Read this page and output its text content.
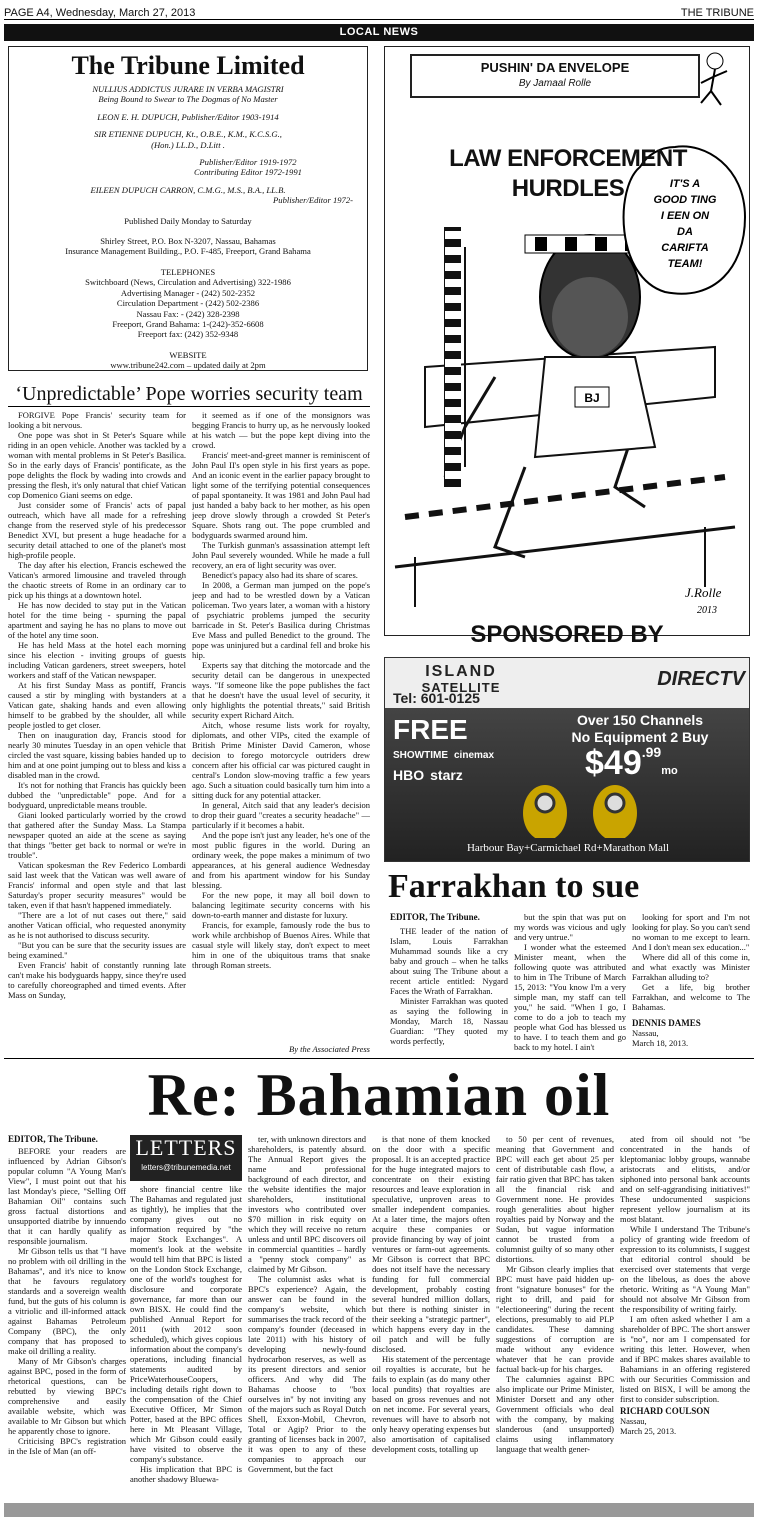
PAGE A4, Wednesday, March 27, 2013	THE TRIBUNE
LOCAL NEWS
The Tribune Limited
NULLIUS ADDICTUS JURARE IN VERBA MAGISTRI
Being Bound to Swear to The Dogmas of No Master
LEON E. H. DUPUCH, Publisher/Editor 1903-1914
SIR ETIENNE DUPUCH, Kt., O.B.E., K.M., K.C.S.G.,
(Hon.) LL.D., D.Litt .
Publisher/Editor 1919-1972
Contributing Editor 1972-1991
EILEEN DUPUCH CARRON, C.M.G., M.S., B.A., LL.B.
Publisher/Editor 1972-
Published Daily Monday to Saturday
Shirley Street, P.O. Box N-3207, Nassau, Bahamas
Insurance Management Building., P.O. F-485, Freeport, Grand Bahama
TELEPHONES
Switchboard (News, Circulation and Advertising) 322-1986
Advertising Manager - (242) 502-2352
Circulation Department - (242) 502-2386
Nassau Fax: - (242) 328-2398
Freeport, Grand Bahama: 1-(242)-352-6608
Freeport fax: (242) 352-9348
WEBSITE
www.tribune242.com – updated daily at 2pm
‘Unpredictable’ Pope worries security team

FORGIVE Pope Francis' security team for looking a bit nervous.

One pope was shot in St Peter's Square while riding in an open vehicle. Another was tackled by a woman with mental problems in St Peter's Basilica. So in the early days of Francis' pontificate, as the pope delights the flock by wading into crowds and pressing the flesh, it's only natural that chief Vatican cop Domenico Giani seems on edge.

Just consider some of Francis' acts of papal outreach, which have all made for a refreshing change from the reserved style of his predecessor Benedict XVI, but present a huge headache for a security detail attached to one of the planet's most high-profile people.

The day after his election, Francis eschewed the Vatican's armored limousine and traveled through the chaotic streets of Rome in an ordinary car to pick up his things at a downtown hotel.

He has now decided to stay put in the Vatican hotel for the time being - spurning the papal apartment and saying he has no plans to move out of the hotel any time soon.

He has held Mass at the hotel each morning since his election - inviting groups of guests including Vatican gardeners, street sweepers, hotel workers and staff of the Vatican newspaper.

At his first Sunday Mass as pontiff, Francis caused a stir by mingling with bystanders at a Vatican gate, shaking hands and even allowing himself to be grabbed by the shoulder, all while people jostled to get closer.

Then on inauguration day, Francis stood for nearly 30 minutes Tuesday in an open vehicle that circled the vast square, kissing babies handed up to him and at one point jumping out to bless and kiss a disabled man in the crowd.

It's not for nothing that Francis has quickly been dubbed the "unpredictable" pope. And for a bodyguard, unpredictable means trouble.

Giani looked particularly worried by the crowd that gathered after the Sunday Mass. La Stampa newspaper quoted an aide at the scene as saying that things "better get back to normal or we're in trouble".

Vatican spokesman the Rev Federico Lombardi said last week that the Vatican was well aware of Francis' informal and open style and that last Saturday's proper security measures" would be taken, even if that hasn't happened immediately.

"There are a lot of nut cases out there," said another Vatican official, who requested anonymity as he is not authorised to discuss security.

"But you can be sure that the security issues are being examined."

Even Francis' habit of constantly running late can't make his bodyguards happy, since they're used to carefully choreographed and timed events. After Mass on Sunday,

it seemed as if one of the monsignors was begging Francis to hurry up, as he nervously looked at his watch — but the pope kept diving into the crowd.

Francis' meet-and-greet manner is reminiscent of John Paul II's open style in his first years as pope. And an iconic event in the earlier papacy brought to light some of the terrifying potential consequences of papal spontaneity. It was 1981 and John Paul had just handed a baby back to her mother, as his open jeep drove slowly through a crowded St Peter's Square. Shots rang out. The pope crumbled and bodyguards swarmed around him.

The Turkish gunman's assassination attempt left John Paul severely wounded. While he made a full recovery, an era of light security was over.

Benedict's papacy also had its share of scares.

In 2008, a German man jumped on the pope's jeep and had to be wrestled down by a Vatican policeman. Two years later, a woman with a history of psychiatric problems jumped the security barricade in St. Peter's Basilica during Christmas Eve Mass and pulled Benedict to the ground. The pope was uninjured but a cardinal fell and broke his hip.

Experts say that ditching the motorcade and the security detail can be dangerous in unexpected ways. "If someone like the pope publishes the fact that he doesn't have the usual level of security, it only highlights the potential threats," said British security expert Richard Aitch.

Aitch, whose resume lists work for royalty, diplomats, and other VIPs, cited the example of British Prime Minister David Cameron, whose decision to forego motorcycle outriders drew concern after his official car was pictured caught in central's London slow-moving traffic a few years ago. Such a situation could basically turn him into a sitting duck for any potential attacker.

In general, Aitch said that any leader's decision to drop their guard "creates a security headache" — particularly if it becomes a habit.

And the pope isn't just any leader, he's one of the most public figures in the world. During an ordinary week, the pope makes a minimum of two appearances, at his general audience Wednesday and from his apartment window for his Sunday blessing.

For the new pope, it may all boil down to balancing legitimate security concerns with his down-to-earth manner and distaste for luxury.

Francis, for example, famously rode the bus to work while archbishop of Buenos Aires. While that casual style will likely stay, don't expect to meet him in one of the ubiquitous trams that snake through Roman streets.

By the Associated Press
BJ
IT'S A
GOOD TING
I EEN ON
DA
CARIFTA
TEAM!
J.Rolle
2013
PUSHIN' DA ENVELOPE
By Jamaal Rolle
LAW ENFORCEMENT HURDLES
SPONSORED BY
ISLAND
SATELLITE	DIRECTV
Tel: 601-0125
FREE
SHOWTIME cinemax
HBO starz
Over 150 Channels
No Equipment 2 Buy
$49.99mo
Harbour Bay+Carmichael Rd+Marathon Mall
Farrakhan to sue
EDITOR, The Tribune.

THE leader of the nation of Islam, Louis Farrakhan Muhammad sounds like a cry baby and grouch – when he talks about suing The Tribune about a recent article entitled: Nygard Faces the Wrath of Farrakhan.

Minister Farrakhan was quoted as saying the following in Monday, March 18, Nassau Guardian: "They quoted my words perfectly,

but the spin that was put on my words was vicious and ugly and very untrue."

I wonder what the esteemed Minister meant, when the following quote was attributed to him in The Tribune of March 15, 2013: "You know I'm a very simple man, my staff can tell you," he said. "When I go, I come to do a job to teach my people what God has blessed us to have. I to teach them and go back to my hotel. I ain't

looking for sport and I'm not looking for play. So you can't send no woman to me except to learn. And I don't mean sex education..."

Where did all of this come in, and what exactly was Minister Farrakhan alluding to?

Get a life, big brother Farrakhan, and welcome to The Bahamas.

DENNIS DAMES
Nassau,
March 18, 2013.
Re: Bahamian oil
LETTERS
letters@tribunemedia.net
EDITOR, The Tribune.

BEFORE your readers are influenced by Adrian Gibson's popular column "A Young Man's View", I must point out that his last Monday's piece, "Selling Off Bahamian Oil" contains such gross factual distortions and unsupported diatribe by innuendo that it can hardly qualify as responsible journalism.

Mr Gibson tells us that "I have no problem with oil drilling in the Bahamas", and it's nice to know that he favours regulatory standards and a sovereign wealth fund, but the guts of his column is a vitriolic and ill-informed attack against Bahamas Petroleum Company (BPC), the only company that has proposed to make oil drilling a reality.

Many of Mr Gibson's charges against BPC, posed in the form of rhetorical questions, can be rebutted by viewing BPC's comprehensive and easily available website, which was available to Mr Gibson but which he apparently chose to ignore.

Criticising BPC's registration in the Isle of Man (an off-

shore financial centre like The Bahamas and regulated just as tightly), he implies that the company gives out no information required by "the major Stock Exchanges". A moment's look at the website would tell him that BPC is listed on the London Stock Exchange, one of the world's toughest for disclosure and corporate governance, far more than our own BISX. He could find the published Annual Report for 2011 (with 2012 soon scheduled), which gives copious information about the company's operations, including financial statements audited by PriceWaterhouseCoopers, including details right down to the compensation of the Chief Executive Officer, Mr Simon Potter, based at the BPC offices here in Mt Pleasant Village, which Mr Gibson could easily have visited to observe the company's substance.

His implication that BPC is another shadowy Bluewa-

ter, with unknown directors and shareholders, is patently absurd. The Annual Report gives the name and professional background of each director, and the website identifies the major shareholders, institutional investors who contributed over $70 million in risk equity on which they will receive no return unless and until BPC discovers oil in commercial quantities – hardly a "penny stock company" as claimed by Mr Gibson.

The columnist asks what is BPC's experience? Again, the answer can be found in the company's website, which summarises the track record of the company's founder (deceased in late 2011) with his history of developing newly-found hydrocarbon reserves, as well as its present directors and senior officers. And why did The Bahamas choose to "box ourselves in" by not inviting any of the majors such as Royal Dutch Shell, Exxon-Mobil, Chevron, Total or Agip? Prior to the granting of licenses back in 2007, it was open to any of these companies to approach our Government, but the fact

is that none of them knocked on the door with a specific proposal. It is an accepted practice for the huge integrated majors to concentrate on their existing resources and leave exploration in speculative, unproven areas to smaller independent companies. At a later time, the majors often acquire these companies or provide financing by way of joint ventures or farm-out agreements. Mr Gibson is correct that BPC does not itself have the necessary funding for full commercial development, probably costing several hundred million dollars, but there is nothing sinister in their seeking a "strategic partner", which happens every day in the oil patch and will be fully disclosed.

His statement of the percentage oil royalties is accurate, but he fails to explain (as do many other local pundits) that royalties are based on gross revenues and not on net income. For several years, revenues will have to absorb not only heavy operating expenses but also amortisation of capitalised development costs, totalling up

to 50 per cent of revenues, meaning that Government and BPC will each get about 25 per cent of distributable cash flow, a fair ratio given that BPC has taken all the financial risk and Government none. He provides rough generalities about higher royalties paid by Norway and the Sudan, but vague information cannot be trusted from a columnist guilty of so many other distortions.

Mr Gibson clearly implies that BPC must have paid hidden up-front "signature bonuses" for the right to drill, and paid for "electioneering" during the recent elections, presumably to aid PLP candidates. These damning suggestions of corruption are made without any evidence whatever that he can provide factual back-up for his charges.

The calumnies against BPC also implicate our Prime Minister, Minister Dorsett and any other Government officials who deal with the company, by making slanderous (and unsupported) claims using inflammatory language that wealth gener-

ated from oil should not "be concentrated in the hands of kleptomaniac lobby groups, wannabe aristocrats and elitists, and/or siphoned into personal bank accounts and on self-aggrandising initiatives!" These undocumented suspicions represent yellow journalism at its most blatant.

While I understand The Tribune's policy of granting wide freedom of expression to its columnists, I suggest that editorial control should be exercised over statements that verge on the libelous, as does the above rhetoric. Writing as "A Young Man" should not absolve Mr Gibson from the responsibility of writing fairly.

I am often asked whether I am a shareholder of BPC. The short answer is "no", nor am I compensated for writing this letter. However, when and if BPC makes shares available to Bahamians in an offering registered with our Securities Commission and listed on BISX, I will be among the first to consider subscription.

RICHARD COULSON
Nassau,
March 25, 2013.
